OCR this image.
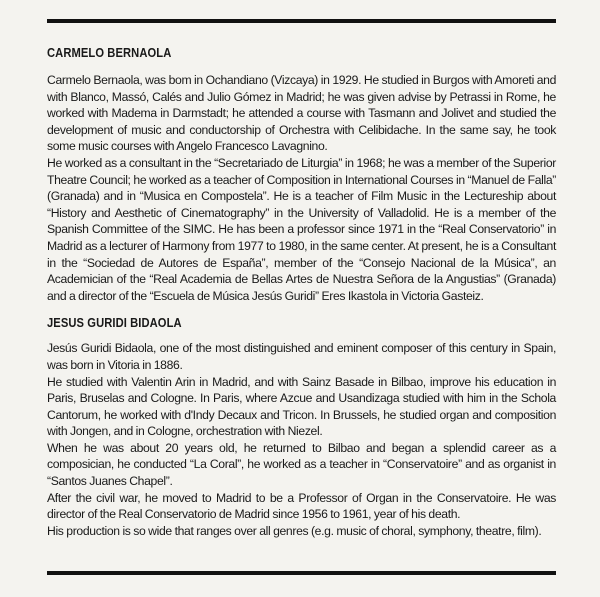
CARMELO BERNAOLA

Carmelo Bernaola, was bom in Ochandiano (Vizcaya) in 1929. He studied in Burgos with Amoreti and with Blanco, Massó, Calés and Julio Gómez in Madrid; he was given advise by Petrassi in Rome, he worked with Madema in Darmstadt; he attended a course with Tasmann and Jolivet and studied the development of music and conductorship of Orchestra with Celibidache. In the same say, he took some music courses with Angelo Francesco Lavagnino.

He worked as a consultant in the “Secretariado de Liturgia” in 1968; he was a member of the Superior Theatre Council; he worked as a teacher of Composition in International Courses in “Manuel de Falla” (Granada) and in “Musica en Compostela”. He is a teacher of Film Music in the Lectureship about “History and Aesthetic of Cinematography” in the University of Valladolid. He is a member of the Spanish Committee of the SIMC. He has been a professor since 1971 in the “Real Conservatorio” in Madrid as a lecturer of Harmony from 1977 to 1980, in the same center. At present, he is a Consultant in the “Sociedad de Autores de España”, member of the “Consejo Nacional de la Música”, an Academician of the “Real Academia de Bellas Artes de Nuestra Señora de la Angustias” (Granada) and a director of the “Escuela de Música Jesús Guridi” Eres Ikastola in Victoria Gasteiz.

JESUS GURIDI BIDAOLA

Jesús Guridi Bidaola, one of the most distinguished and eminent composer of this century in Spain, was born in Vitoria in 1886.

He studied with Valentin Arin in Madrid, and with Sainz Basade in Bilbao, improve his education in Paris, Bruselas and Cologne. In Paris, where Azcue and Usandizaga studied with him in the Schola Cantorum, he worked with d'Indy Decaux and Tricon. In Brussels, he studied organ and composition with Jongen, and in Cologne, orchestration with Niezel.

When he was about 20 years old, he returned to Bilbao and began a splendid career as a composician, he conducted “La Coral”, he worked as a teacher in “Conservatoire” and as organist in “Santos Juanes Chapel”.

After the civil war, he moved to Madrid to be a Professor of Organ in the Conservatoire. He was director of the Real Conservatorio de Madrid since 1956 to 1961, year of his death.

His production is so wide that ranges over all genres (e.g. music of choral, symphony, theatre, film).
